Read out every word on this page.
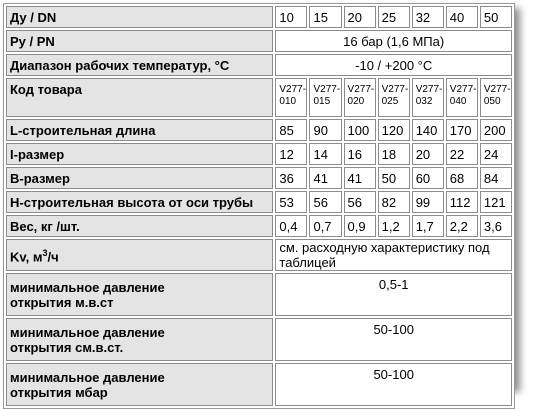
Ду / DN	10	15	20	25	32	40	50
Ру / PN	16 бар (1,6 МПа)						
Диапазон рабочих температур, °С	-10 / +200 °С						
Код товара	V277-010	V277-015	V277-020	V277-025	V277-032	V277-040	V277-050

L-строительная длина	85	90	100	120	140	170	200
I-размер	12	14	16	18	20	22	24
B-размер	36	41	41	50	60	68	84
H-строительная высота от оси трубы	53	56	56	82	99	112	121
Вес, кг /шт.	0,4	0,7	0,9	1,2	1,7	2,2	3,6
Kv, $м^3/ч$	см. расходную характеристику под таблицей						
минимальное давление
открытия м.в.ст	0,5-1						
минимальное давление
открытия см.в.ст.	50-100						
минимальное давление
открытия мбар	50-100						
